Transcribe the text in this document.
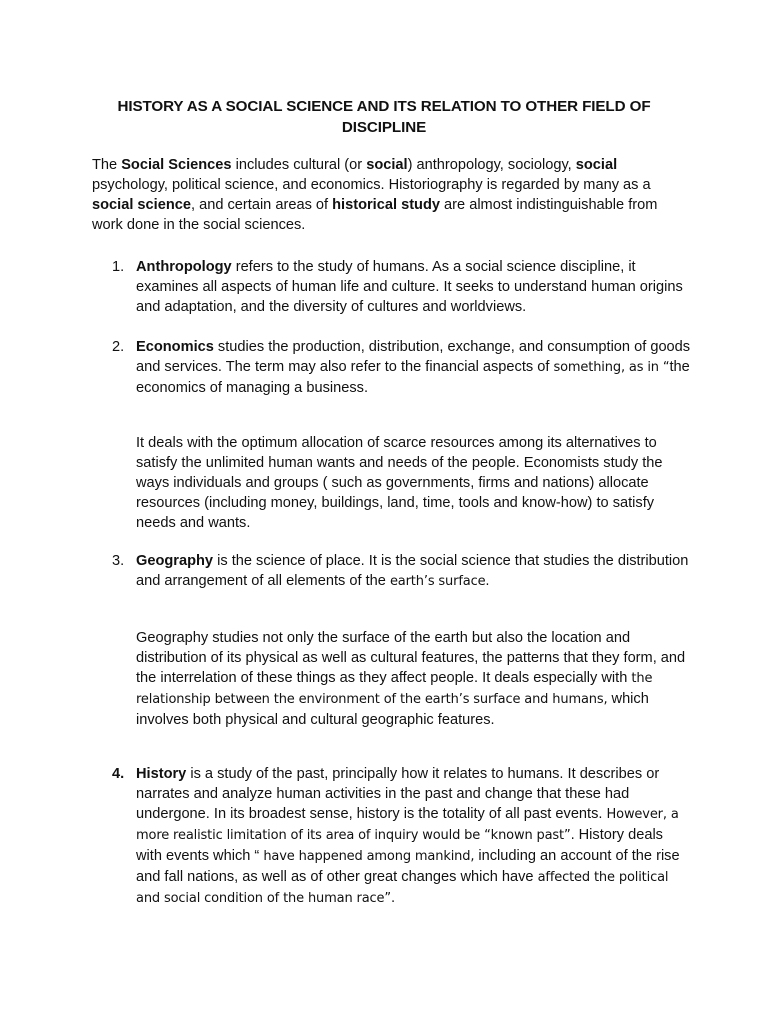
HISTORY AS A SOCIAL SCIENCE AND ITS RELATION TO OTHER FIELD OF DISCIPLINE

The Social Sciences includes cultural (or social) anthropology, sociology, social psychology, political science, and economics. Historiography is regarded by many as a social science, and certain areas of historical study are almost indistinguishable from work done in the social sciences.

1. Anthropology refers to the study of humans. As a social science discipline, it examines all aspects of human life and culture. It seeks to understand human origins and adaptation, and the diversity of cultures and worldviews.

2. Economics studies the production, distribution, exchange, and consumption of goods and services. The term may also refer to the financial aspects of something, as in “the economics of managing a business.

It deals with the optimum allocation of scarce resources among its alternatives to satisfy the unlimited human wants and needs of the people. Economists study the ways individuals and groups ( such as governments, firms and nations) allocate resources (including money, buildings, land, time, tools and know-how) to satisfy needs and wants.

3. Geography is the science of place. It is the social science that studies the distribution and arrangement of all elements of the earth’s surface.

Geography studies not only the surface of the earth but also the location and distribution of its physical as well as cultural features, the patterns that they form, and the interrelation of these things as they affect people. It deals especially with the relationship between the environment of the earth’s surface and humans, which involves both physical and cultural geographic features.

4. History is a study of the past, principally how it relates to humans. It describes or narrates and analyze human activities in the past and change that these had undergone. In its broadest sense, history is the totality of all past events. However, a more realistic limitation of its area of inquiry would be “known past”. History deals with events which “ have happened among mankind, including an account of the rise and fall nations, as well as of other great changes which have affected the political and social condition of the human race”.
